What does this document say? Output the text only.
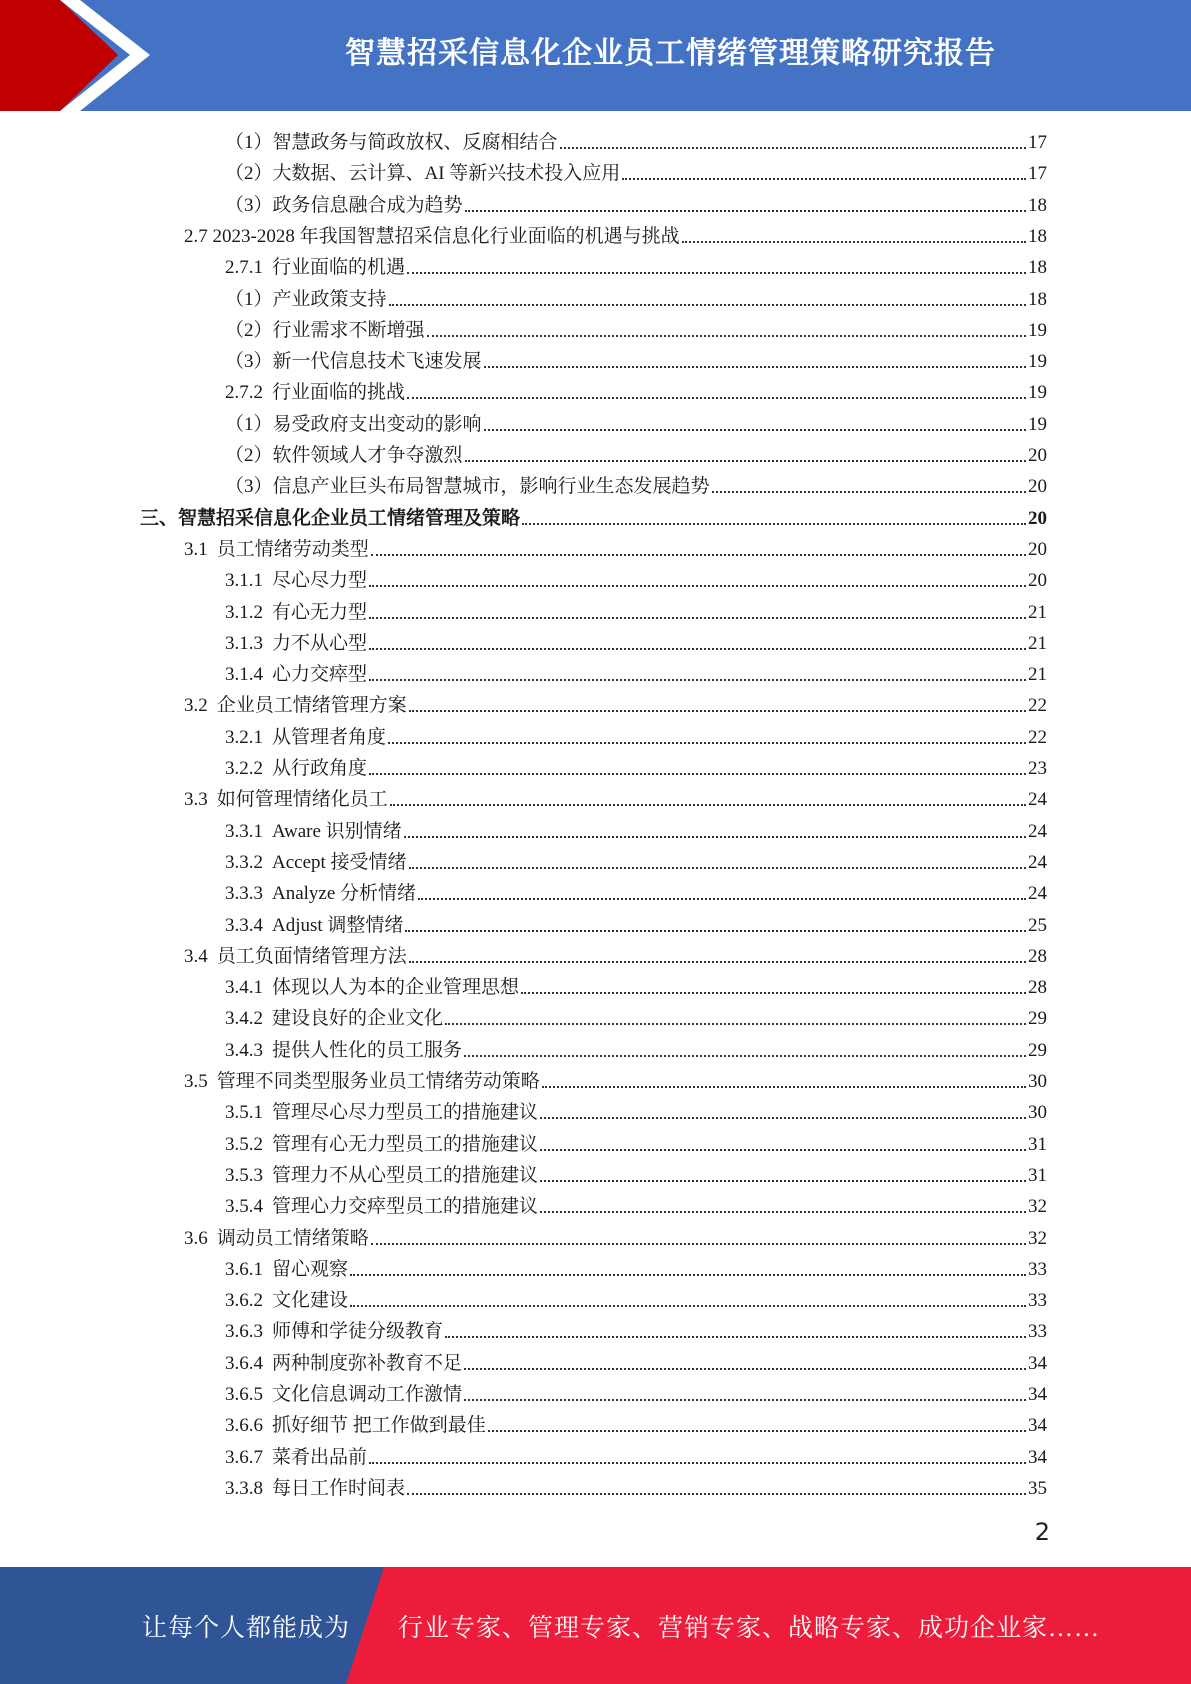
智慧招采信息化企业员工情绪管理策略研究报告
（1）智慧政务与简政放权、反腐相结合	17
（2）大数据、云计算、AI 等新兴技术投入应用	17
（3）政务信息融合成为趋势	18
2.7 2023-2028 年我国智慧招采信息化行业面临的机遇与挑战	18
2.7.1 行业面临的机遇	18
（1）产业政策支持	18
（2）行业需求不断增强	19
（3）新一代信息技术飞速发展	19
2.7.2 行业面临的挑战	19
（1）易受政府支出变动的影响	19
（2）软件领域人才争夺激烈	20
（3）信息产业巨头布局智慧城市，影响行业生态发展趋势	20
三、智慧招采信息化企业员工情绪管理及策略	20
3.1 员工情绪劳动类型	20
3.1.1 尽心尽力型	20
3.1.2 有心无力型	21
3.1.3 力不从心型	21
3.1.4 心力交瘁型	21
3.2 企业员工情绪管理方案	22
3.2.1 从管理者角度	22
3.2.2 从行政角度	23
3.3 如何管理情绪化员工	24
3.3.1 Aware 识别情绪	24
3.3.2 Accept 接受情绪	24
3.3.3 Analyze 分析情绪	24
3.3.4 Adjust 调整情绪	25
3.4 员工负面情绪管理方法	28
3.4.1 体现以人为本的企业管理思想	28
3.4.2 建设良好的企业文化	29
3.4.3 提供人性化的员工服务	29
3.5 管理不同类型服务业员工情绪劳动策略	30
3.5.1 管理尽心尽力型员工的措施建议	30
3.5.2 管理有心无力型员工的措施建议	31
3.5.3 管理力不从心型员工的措施建议	31
3.5.4 管理心力交瘁型员工的措施建议	32
3.6 调动员工情绪策略	32
3.6.1 留心观察	33
3.6.2 文化建设	33
3.6.3 师傅和学徒分级教育	33
3.6.4 两种制度弥补教育不足	34
3.6.5 文化信息调动工作激情	34
3.6.6 抓好细节 把工作做到最佳	34
3.6.7 菜肴出品前	34
3.3.8 每日工作时间表	35
2
让每个人都能成为 行业专家、管理专家、营销专家、战略专家、成功企业家……
